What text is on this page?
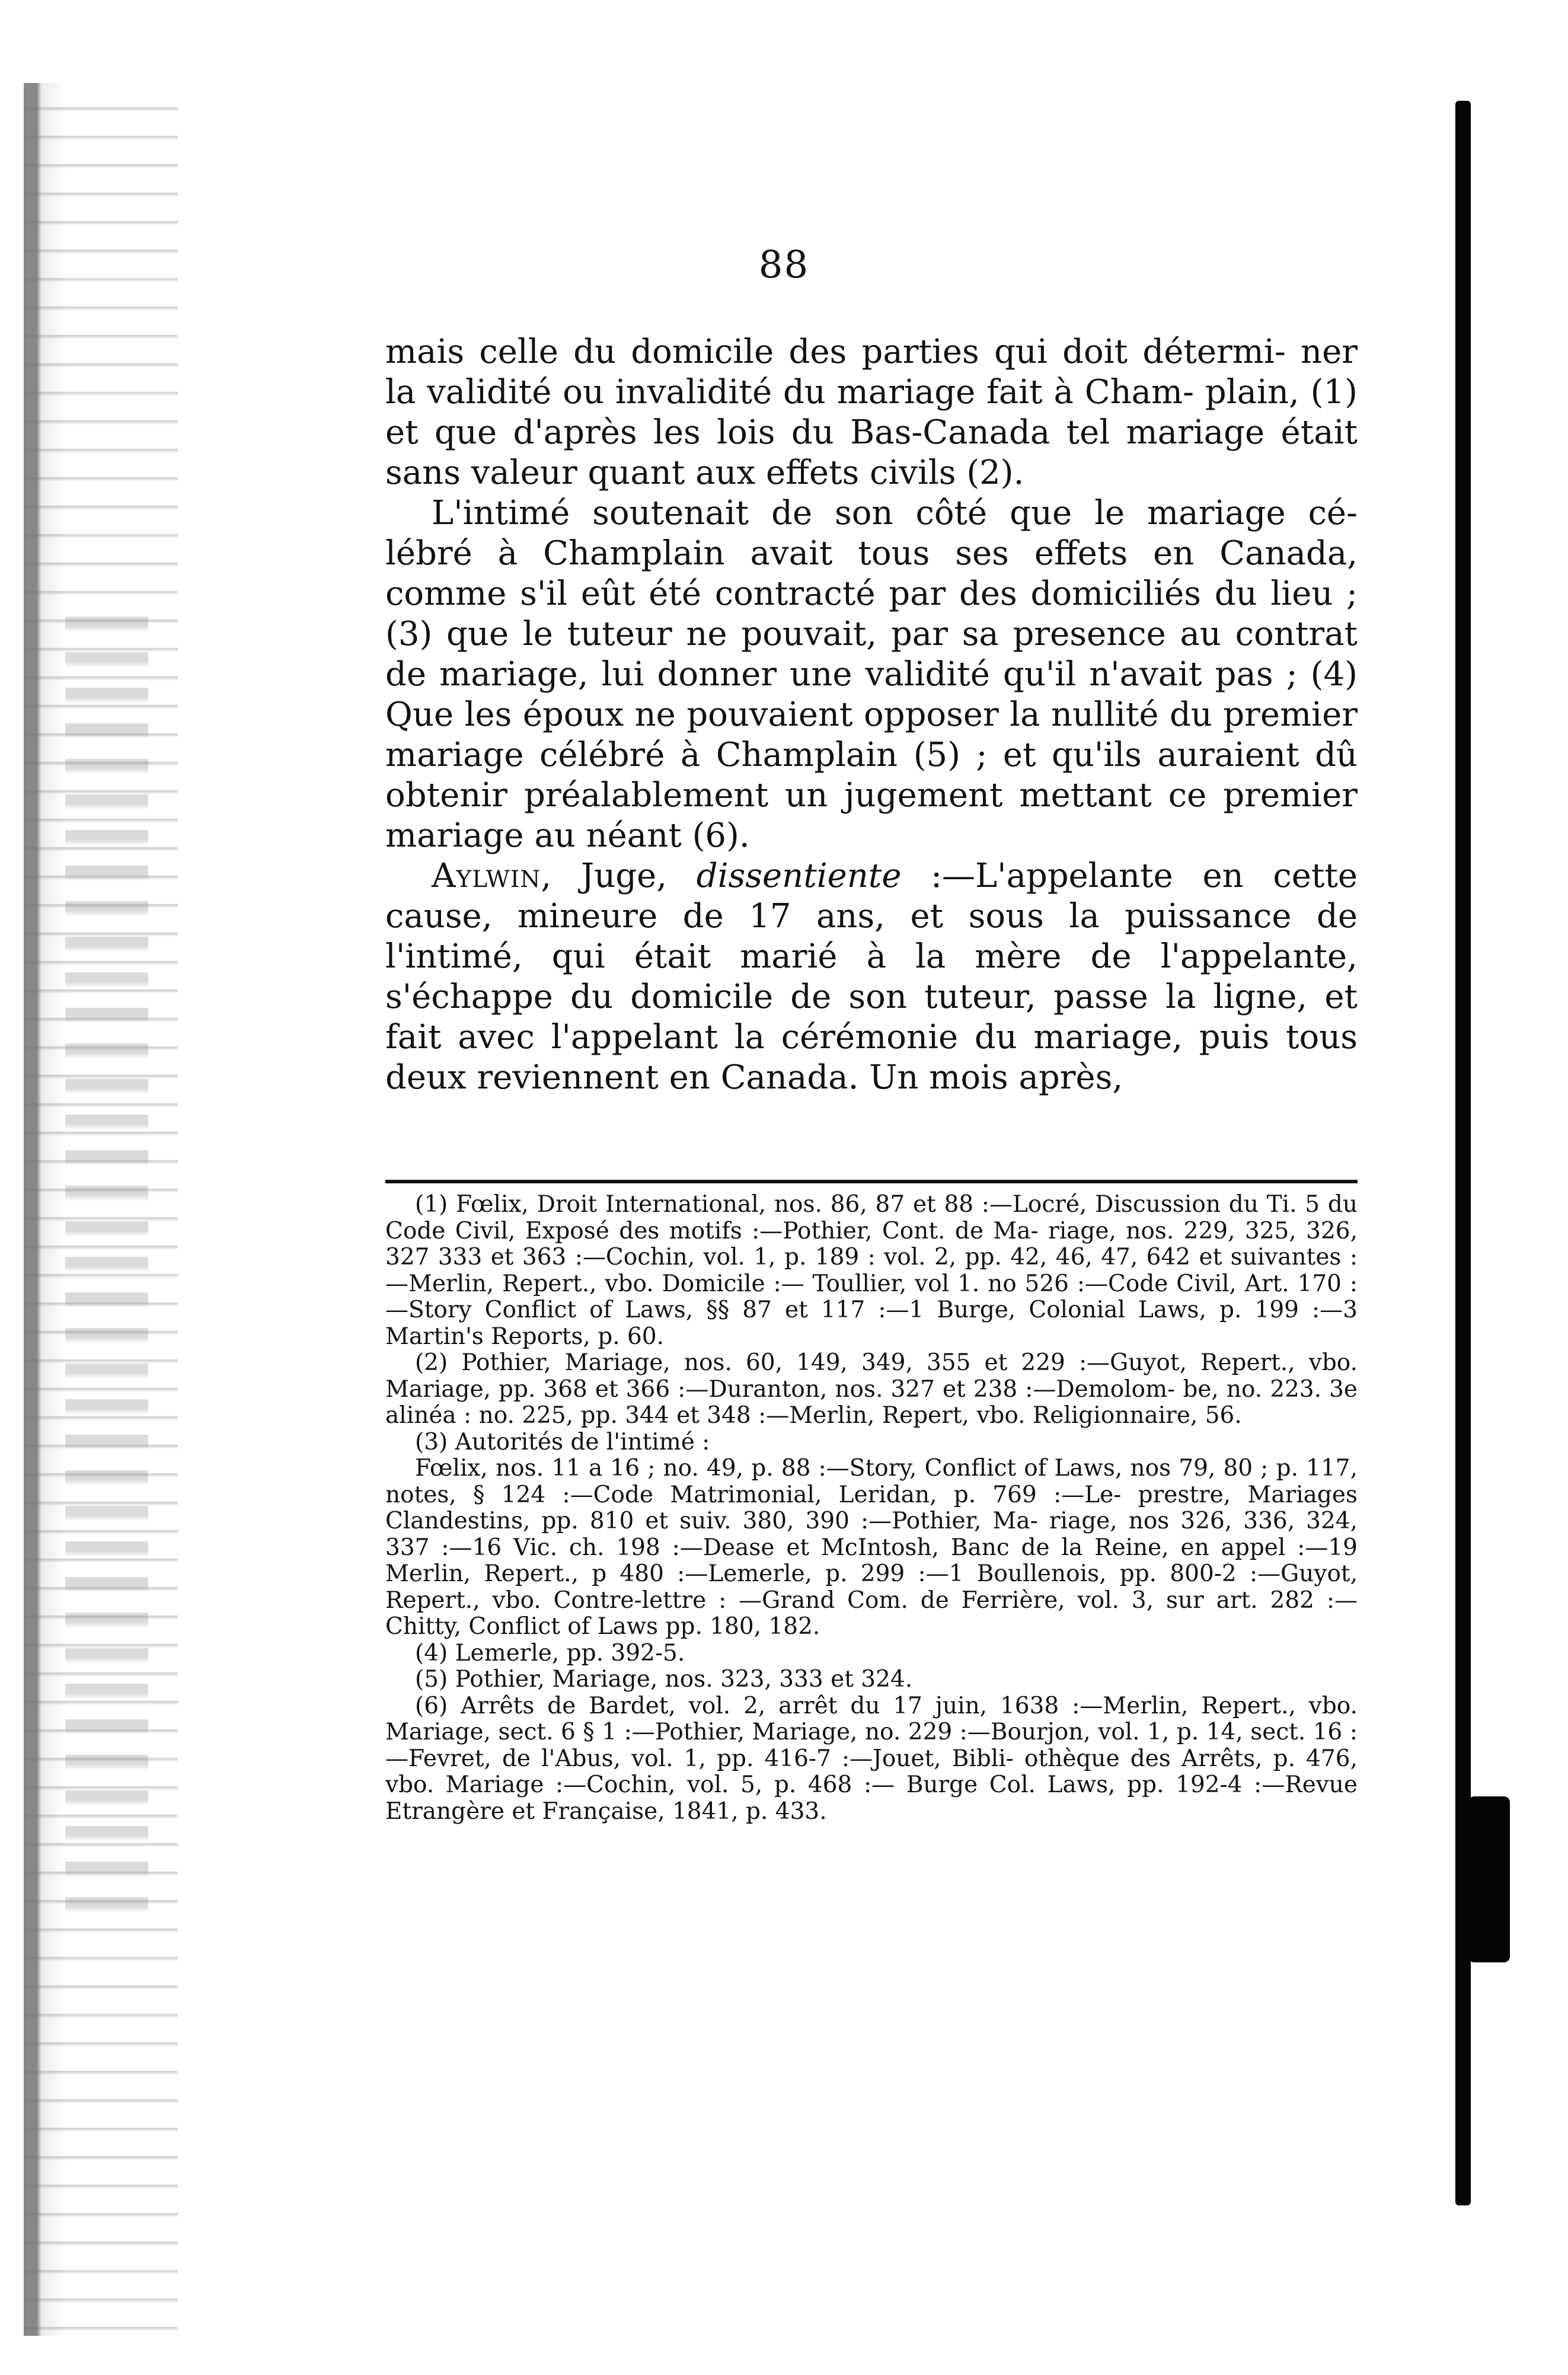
88

mais celle du domicile des parties qui doit détermi- ner la validité ou invalidité du mariage fait à Cham- plain, (1) et que d'après les lois du Bas-Canada tel mariage était sans valeur quant aux effets civils (2).

L'intimé soutenait de son côté que le mariage cé- lébré à Champlain avait tous ses effets en Canada, comme s'il eût été contracté par des domiciliés du lieu ; (3) que le tuteur ne pouvait, par sa presence au contrat de mariage, lui donner une validité qu'il n'avait pas ; (4) Que les époux ne pouvaient opposer la nullité du premier mariage célébré à Champlain (5) ; et qu'ils auraient dû obtenir préalablement un jugement mettant ce premier mariage au néant (6).

Aylwin, Juge, dissentiente :—L'appelante en cette cause, mineure de 17 ans, et sous la puissance de l'intimé, qui était marié à la mère de l'appelante, s'échappe du domicile de son tuteur, passe la ligne, et fait avec l'appelant la cérémonie du mariage, puis tous deux reviennent en Canada. Un mois après,

(1) Fœlix, Droit International, nos. 86, 87 et 88 :—Locré, Discussion du Ti. 5 du Code Civil, Exposé des motifs :—Pothier, Cont. de Ma- riage, nos. 229, 325, 326, 327 333 et 363 :—Cochin, vol. 1, p. 189 : vol. 2, pp. 42, 46, 47, 642 et suivantes :—Merlin, Repert., vbo. Domicile :— Toullier, vol 1. no 526 :—Code Civil, Art. 170 :—Story Conflict of Laws, §§ 87 et 117 :—1 Burge, Colonial Laws, p. 199 :—3 Martin's Reports, p. 60.

(2) Pothier, Mariage, nos. 60, 149, 349, 355 et 229 :—Guyot, Repert., vbo. Mariage, pp. 368 et 366 :—Duranton, nos. 327 et 238 :—Demolom- be, no. 223. 3e alinéa : no. 225, pp. 344 et 348 :—Merlin, Repert, vbo. Religionnaire, 56.

(3) Autorités de l'intimé :

Fœlix, nos. 11 a 16 ; no. 49, p. 88 :—Story, Conflict of Laws, nos 79, 80 ; p. 117, notes, § 124 :—Code Matrimonial, Leridan, p. 769 :—Le- prestre, Mariages Clandestins, pp. 810 et suiv. 380, 390 :—Pothier, Ma- riage, nos 326, 336, 324, 337 :—16 Vic. ch. 198 :—Dease et McIntosh, Banc de la Reine, en appel :—19 Merlin, Repert., p 480 :—Lemerle, p. 299 :—1 Boullenois, pp. 800-2 :—Guyot, Repert., vbo. Contre-lettre : —Grand Com. de Ferrière, vol. 3, sur art. 282 :—Chitty, Conflict of Laws pp. 180, 182.

(4) Lemerle, pp. 392-5.

(5) Pothier, Mariage, nos. 323, 333 et 324.

(6) Arrêts de Bardet, vol. 2, arrêt du 17 juin, 1638 :—Merlin, Repert., vbo. Mariage, sect. 6 § 1 :—Pothier, Mariage, no. 229 :—Bourjon, vol. 1, p. 14, sect. 16 :—Fevret, de l'Abus, vol. 1, pp. 416-7 :—Jouet, Bibli- othèque des Arrêts, p. 476, vbo. Mariage :—Cochin, vol. 5, p. 468 :— Burge Col. Laws, pp. 192-4 :—Revue Etrangère et Française, 1841, p. 433.
